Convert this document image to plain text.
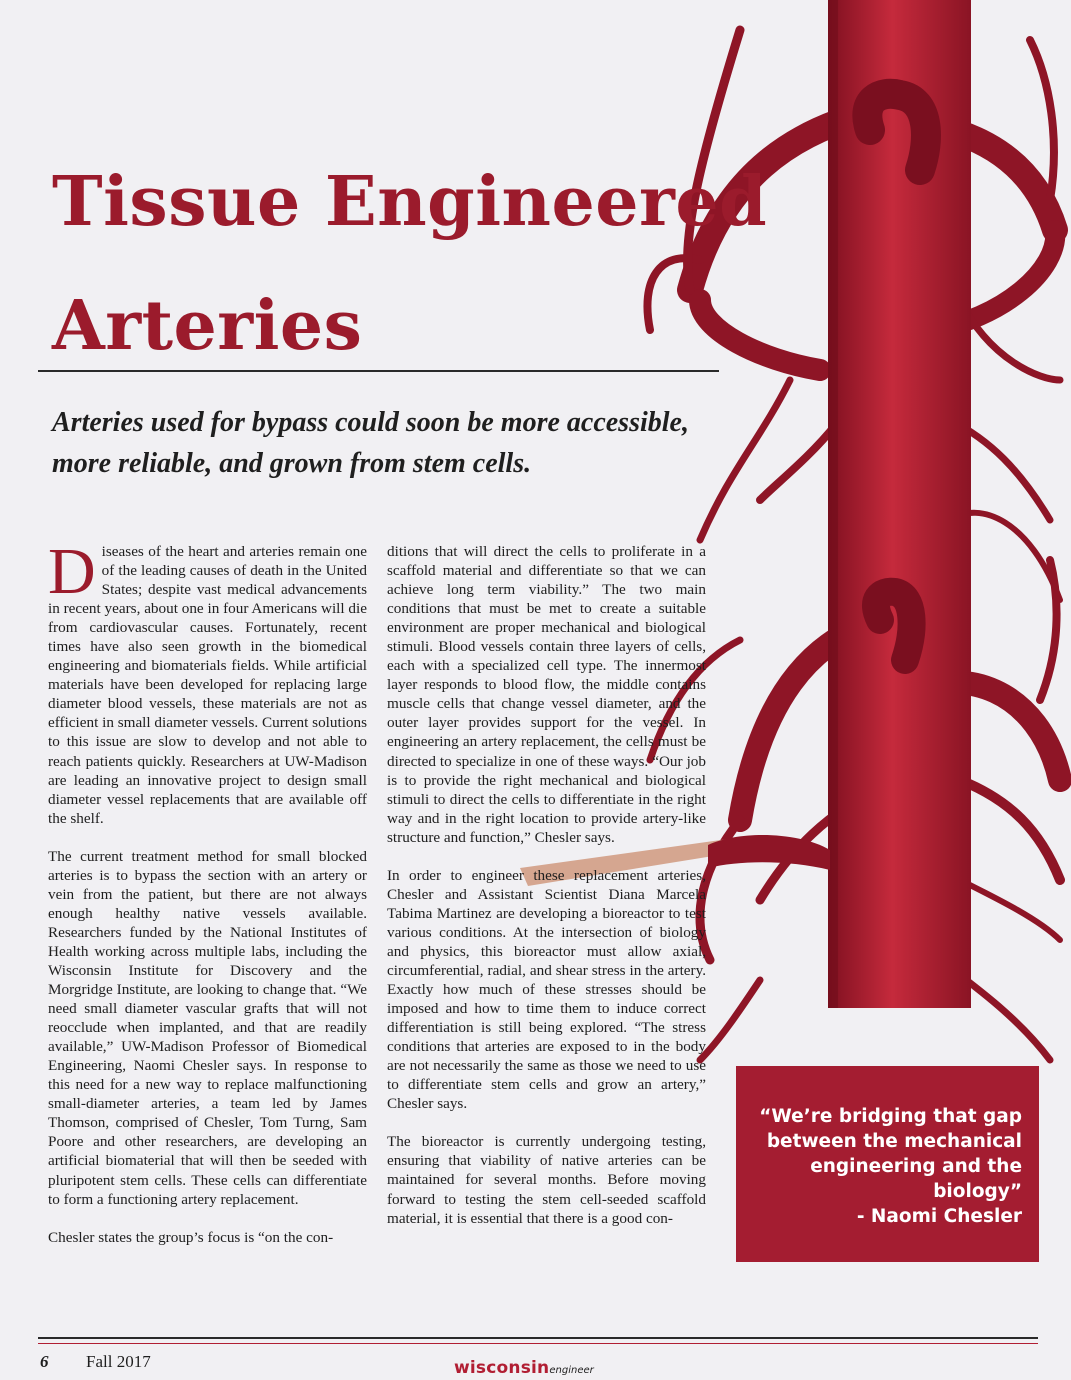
Tissue Engineered
Arteries
Arteries used for bypass could soon be more accessible,
more reliable, and grown from stem cells.

Diseases of the heart and arteries remain one of the leading causes of death in the United States; despite vast medical advancements in recent years, about one in four Americans will die from cardiovascular causes. Fortunately, recent times have also seen growth in the biomedical engineering and biomaterials fields. While artificial materials have been developed for replacing large diameter blood vessels, these materials are not as efficient in small diameter vessels. Current solutions to this issue are slow to develop and not able to reach patients quickly. Researchers at UW-Madison are leading an innovative project to design small diameter vessel replacements that are available off the shelf.

The current treatment method for small blocked arteries is to bypass the section with an artery or vein from the patient, but there are not always enough healthy native vessels available. Researchers funded by the National Institutes of Health working across multiple labs, including the Wisconsin Institute for Discovery and the Morgridge Institute, are looking to change that. “We need small diameter vascular grafts that will not reocclude when implanted, and that are readily available,” UW-Madison Professor of Biomedical Engineering, Naomi Chesler says. In response to this need for a new way to replace malfunctioning small-diameter arteries, a team led by James Thomson, comprised of Chesler, Tom Turng, Sam Poore and other researchers, are developing an artificial biomaterial that will then be seeded with pluripotent stem cells. These cells can differentiate to form a functioning artery replacement.

Chesler states the group’s focus is “on the con-

ditions that will direct the cells to proliferate in a scaffold material and differentiate so that we can achieve long term viability.” The two main conditions that must be met to create a suitable environment are proper mechanical and biological stimuli. Blood vessels contain three layers of cells, each with a specialized cell type. The innermost layer responds to blood flow, the middle contains muscle cells that change vessel diameter, and the outer layer provides support for the vessel. In engineering an artery replacement, the cells must be directed to specialize in one of these ways. “Our job is to provide the right mechanical and biological stimuli to direct the cells to differentiate in the right way and in the right location to provide artery-like structure and function,” Chesler says.

In order to engineer these replacement arteries, Chesler and Assistant Scientist Diana Marcela Tabima Martinez are developing a bioreactor to test various conditions. At the intersection of biology and physics, this bioreactor must allow axial, circumferential, radial, and shear stress in the artery. Exactly how much of these stresses should be imposed and how to time them to induce correct differentiation is still being explored. “The stress conditions that arteries are exposed to in the body are not necessarily the same as those we need to use to differentiate stem cells and grow an artery,” Chesler says.

The bioreactor is currently undergoing testing, ensuring that viability of native arteries can be maintained for several months. Before moving forward to testing the stem cell-seeded scaffold material, it is essential that there is a good con-

“We’re bridging that gap
between the mechanical
engineering and the biology”
- Naomi Chesler
6 Fall 2017	wisconsinengineer
